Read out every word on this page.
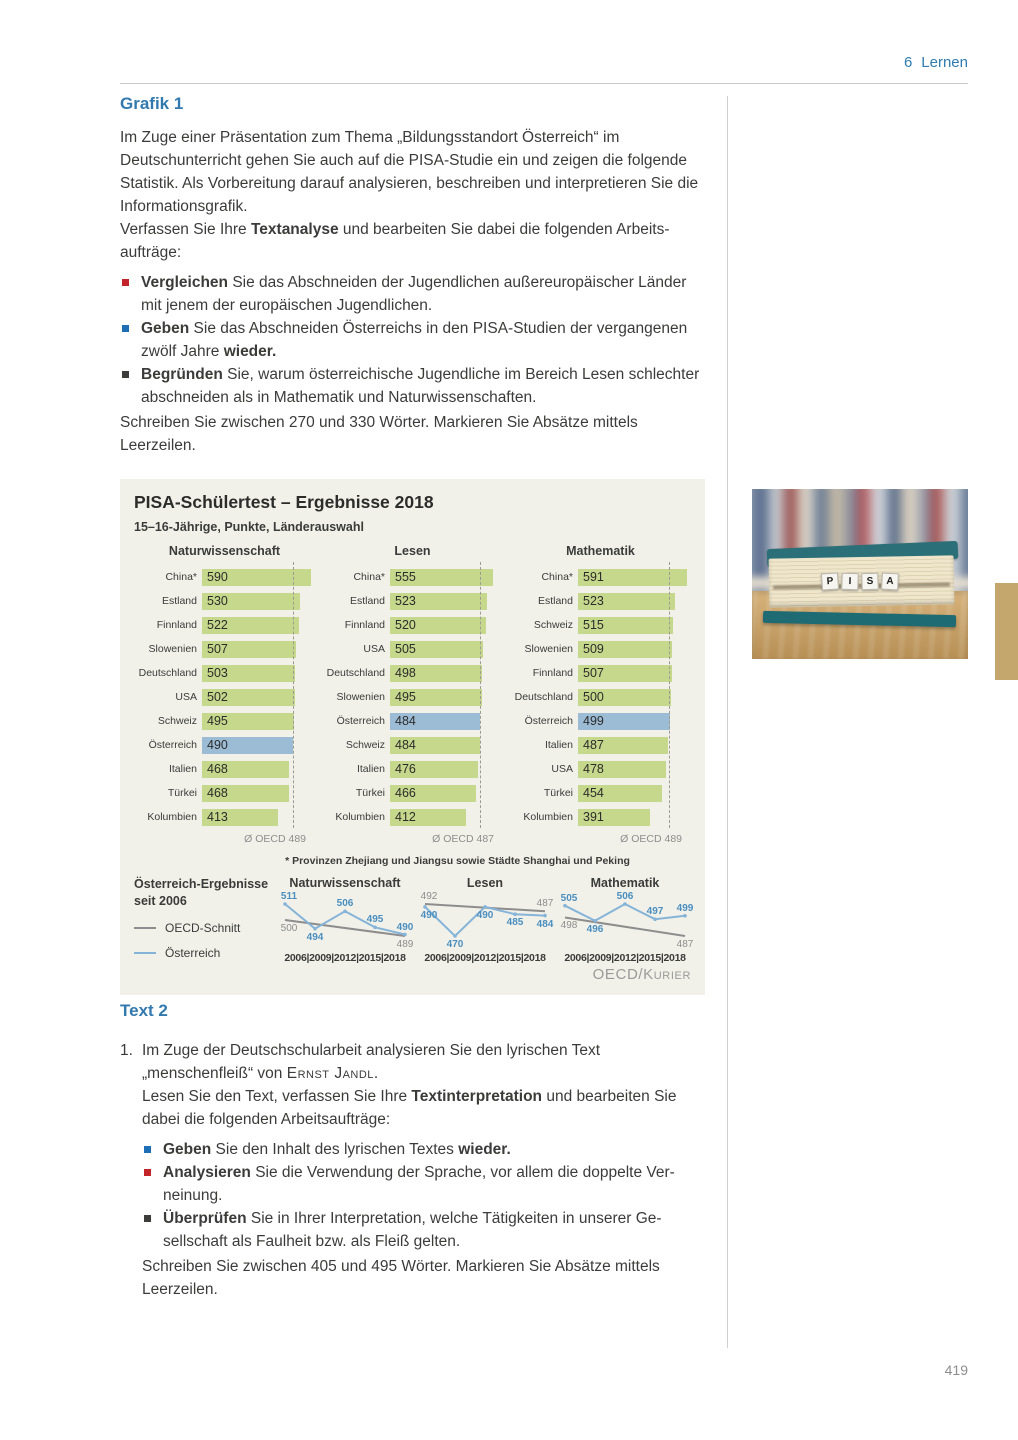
6 Lernen
Grafik 1

Im Zuge einer Präsentation zum Thema „Bildungsstandort Österreich“ im Deutschunterricht gehen Sie auch auf die PISA-Studie ein und zeigen die folgende Statistik. Als Vorbereitung darauf analysieren, beschreiben und interpretieren Sie die Informationsgrafik.

Verfassen Sie Ihre Textanalyse und bearbeiten Sie dabei die folgenden Arbeitsaufträge:

Vergleichen Sie das Abschneiden der Jugendlichen außereuropäischer Länder mit jenem der europäischen Jugendlichen.
Geben Sie das Abschneiden Österreichs in den PISA-Studien der vergangenen zwölf Jahre wieder.
Begründen Sie, warum österreichische Jugendliche im Bereich Lesen schlechter abschneiden als in Mathematik und Naturwissenschaften.

Schreiben Sie zwischen 270 und 330 Wörter. Markieren Sie Absätze mittels Leerzeilen.

PISA-Schülertest – Ergebnisse 2018
15–16-Jährige, Punkte, Länderauswahl
Naturwissenschaft
China* 590
Estland 530
Finnland 522
Slowenien 507
Deutschland 503
USA 502
Schweiz 495
Österreich 490
Italien 468
Türkei 468
Kolumbien 413
Ø OECD 489
Lesen
China* 555
Estland 523
Finnland 520
USA 505
Deutschland 498
Slowenien 495
Österreich 484
Schweiz 484
Italien 476
Türkei 466
Kolumbien 412
Ø OECD 487
Mathematik
China* 591
Estland 523
Schweiz 515
Slowenien 509
Finnland 507
Deutschland 500
Österreich 499
Italien 487
USA 478
Türkei 454
Kolumbien 391
Ø OECD 489
* Provinzen Zhejiang und Jiangsu sowie Städte Shanghai und Peking
Österreich-Ergebnisse seit 2006
OECD-Schnitt
Österreich
Naturwissenschaft
511
494
506
495
490
500
489
2006|2009|2012|2015|2018
Lesen
490
470
490
485	484
492
487
2006|2009|2012|2015|2018
Mathematik
505
496
506
497	499
498
487
2006|2009|2012|2015|2018
OECD/Kurier
Text 2
1. Im Zuge der Deutschschularbeit analysieren Sie den lyrischen Text „menschenfleiß“ von Ernst Jandl.

Lesen Sie den Text, verfassen Sie Ihre Textinterpretation und bearbeiten Sie dabei die folgenden Arbeitsaufträge:

Geben Sie den Inhalt des lyrischen Textes wieder.
Analysieren Sie die Verwendung der Sprache, vor allem die doppelte Verneinung.
Überprüfen Sie in Ihrer Interpretation, welche Tätigkeiten in unserer Gesellschaft als Faulheit bzw. als Fleiß gelten.

Schreiben Sie zwischen 405 und 495 Wörter. Markieren Sie Absätze mittels Leerzeilen.

P	I	S	A
419
